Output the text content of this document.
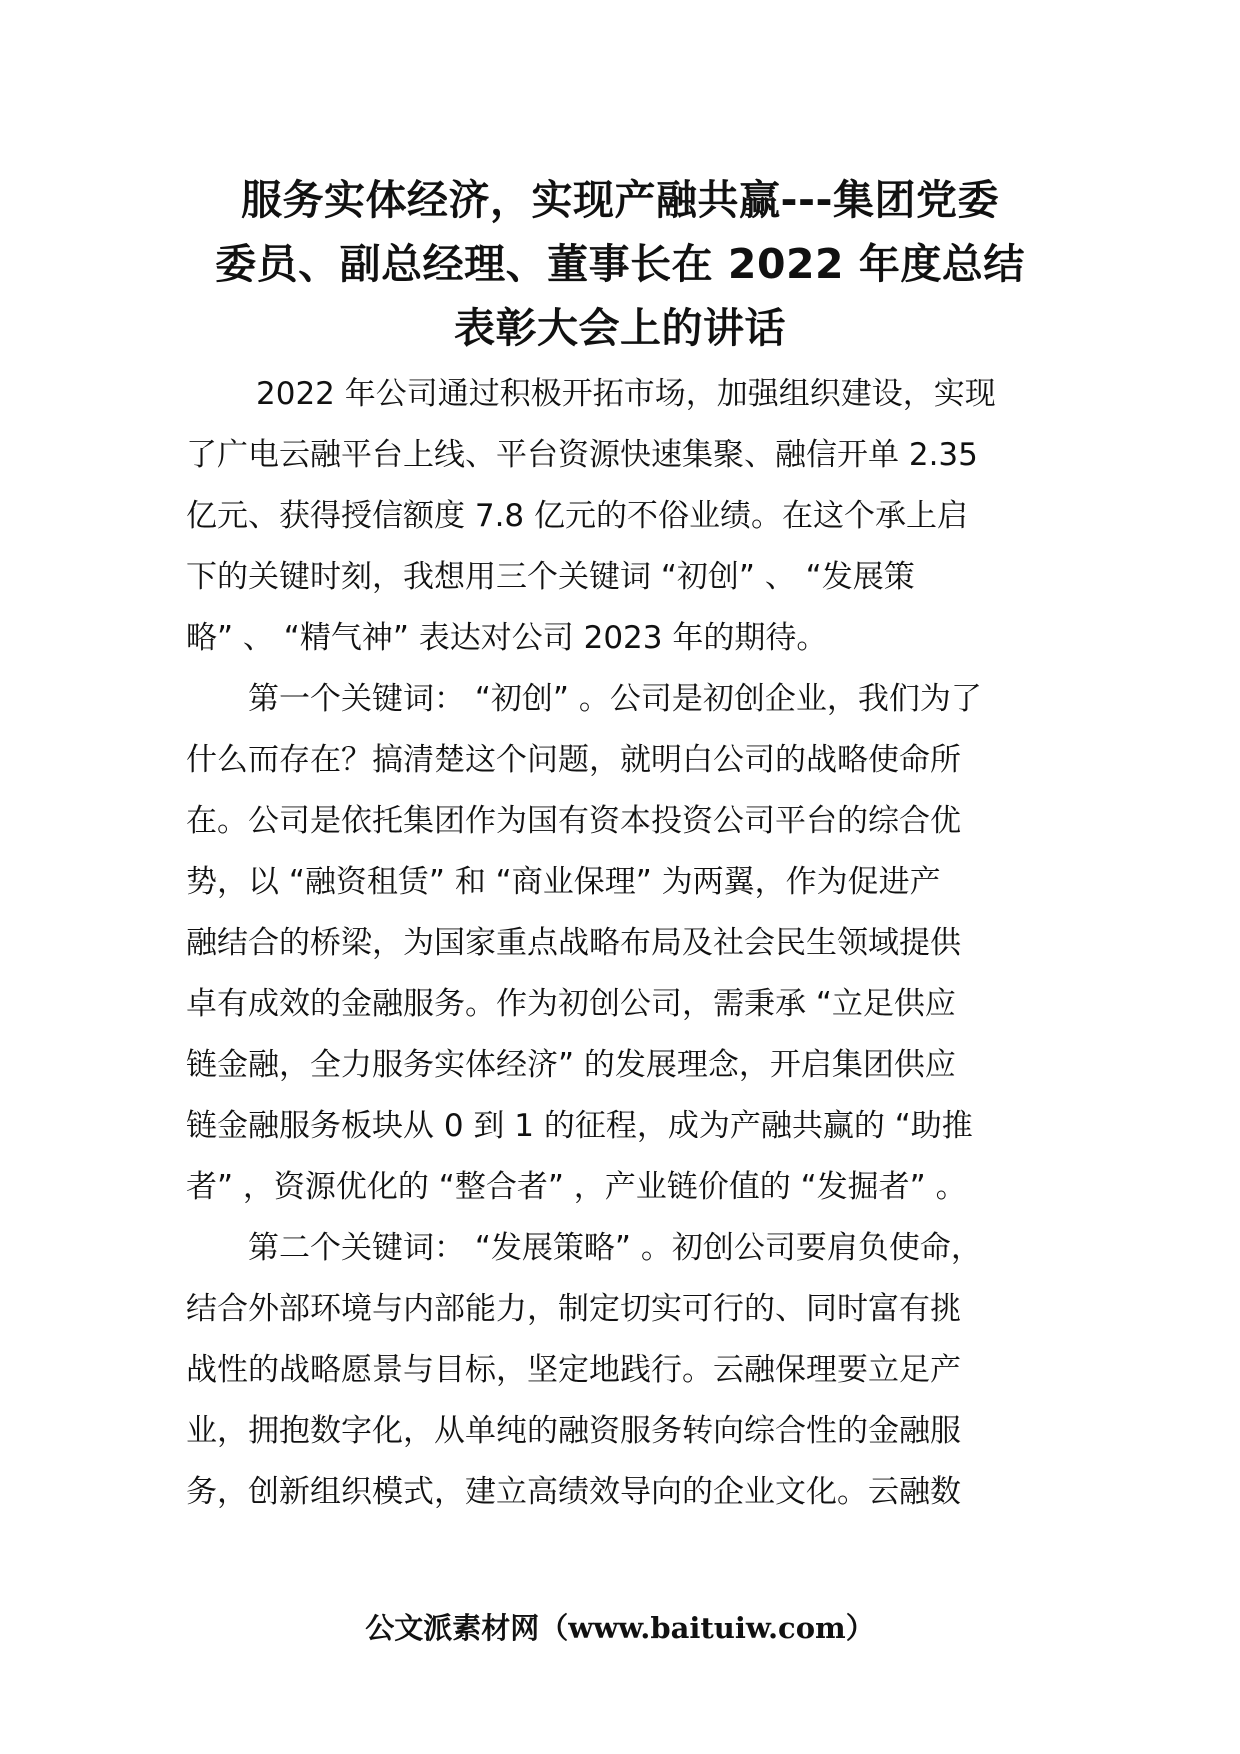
服务实体经济，实现产融共赢---集团党委
委员、副总经理、董事长在 2022 年度总结
表彰大会上的讲话
2022 年公司通过积极开拓市场，加强组织建设，实现
了广电云融平台上线、平台资源快速集聚、融信开单 2.35
亿元、获得授信额度 7.8 亿元的不俗业绩。在这个承上启
下的关键时刻，我想用三个关键词 “初创” 、 “发展策
略” 、 “精气神” 表达对公司 2023 年的期待。
第一个关键词： “初创” 。公司是初创企业，我们为了
什么而存在？搞清楚这个问题，就明白公司的战略使命所
在。公司是依托集团作为国有资本投资公司平台的综合优
势，以 “融资租赁” 和 “商业保理” 为两翼，作为促进产
融结合的桥梁，为国家重点战略布局及社会民生领域提供
卓有成效的金融服务。作为初创公司，需秉承 “立足供应
链金融，全力服务实体经济” 的发展理念，开启集团供应
链金融服务板块从 0 到 1 的征程，成为产融共赢的 “助推
者” ，资源优化的 “整合者” ，产业链价值的 “发掘者” 。
第二个关键词： “发展策略” 。初创公司要肩负使命，
结合外部环境与内部能力，制定切实可行的、同时富有挑
战性的战略愿景与目标，坚定地践行。云融保理要立足产
业，拥抱数字化，从单纯的融资服务转向综合性的金融服
务，创新组织模式，建立高绩效导向的企业文化。云融数
公文派素材网（www.baituiw.com）
